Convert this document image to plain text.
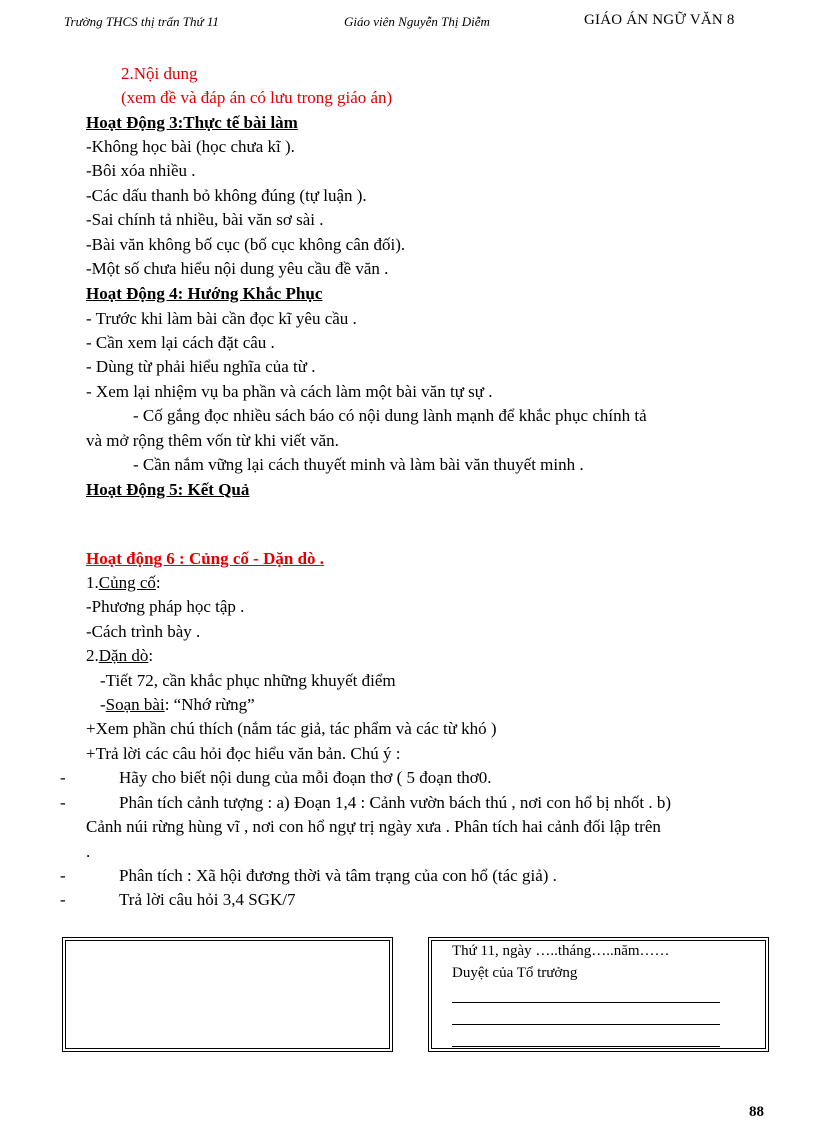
Trường THCS thị trấn Thứ 11	Giáo viên Nguyễn Thị Diễm	GIÁO ÁN NGỮ VĂN 8
2.Nội dung
(xem đề và đáp án có lưu trong giáo án)
Hoạt Động 3:Thực tế bài làm
-Không học bài (học chưa kĩ ).
-Bôi xóa nhiều .
-Các dấu thanh bỏ không đúng (tự luận ).
-Sai chính tả nhiều, bài văn sơ sài .
-Bài văn không bố cục (bố cục không cân đối).
-Một số chưa hiểu nội dung yêu cầu đề văn .
Hoạt Động 4: Hướng Khắc Phục
- Trước khi làm bài cần đọc kĩ yêu cầu .
- Cần xem lại cách đặt câu .
- Dùng từ phải hiểu nghĩa của từ .
- Xem lại nhiệm vụ ba phần và cách làm một bài văn tự sự .
- Cố gắng đọc nhiều sách báo có nội dung lành mạnh để khắc phục chính tả
và mở rộng thêm vốn từ khi viết văn.
- Cần nắm vững lại cách thuyết minh và làm bài văn thuyết minh .
Hoạt Động 5: Kết Quả
Hoạt động 6 : Củng cố - Dặn dò .
1.Củng cố:
-Phương pháp học tập .
-Cách trình bày .
2.Dặn dò:
-Tiết 72, cần khắc phục những khuyết điểm
-Soạn bài: “Nhớ rừng”
+Xem phần chú thích (nắm tác giả, tác phẩm và các từ khó )
+Trả lời các câu hỏi đọc hiểu văn bản. Chú ý :
-	Hãy cho biết nội dung của mỗi đoạn thơ ( 5 đoạn thơ0.
-	Phân tích cảnh tượng : a) Đoạn 1,4 : Cảnh vườn bách thú , nơi con hổ bị nhốt . b)
Cảnh núi rừng hùng vĩ , nơi con hổ ngự trị ngày xưa . Phân tích hai cảnh đối lập trên
.
-	Phân tích : Xã hội đương thời và tâm trạng của con hổ (tác giả) .
-	Trả lời câu hỏi 3,4 SGK/7
Thứ 11, ngày …..tháng…..năm……
Duyệt của Tổ trưởng
88
